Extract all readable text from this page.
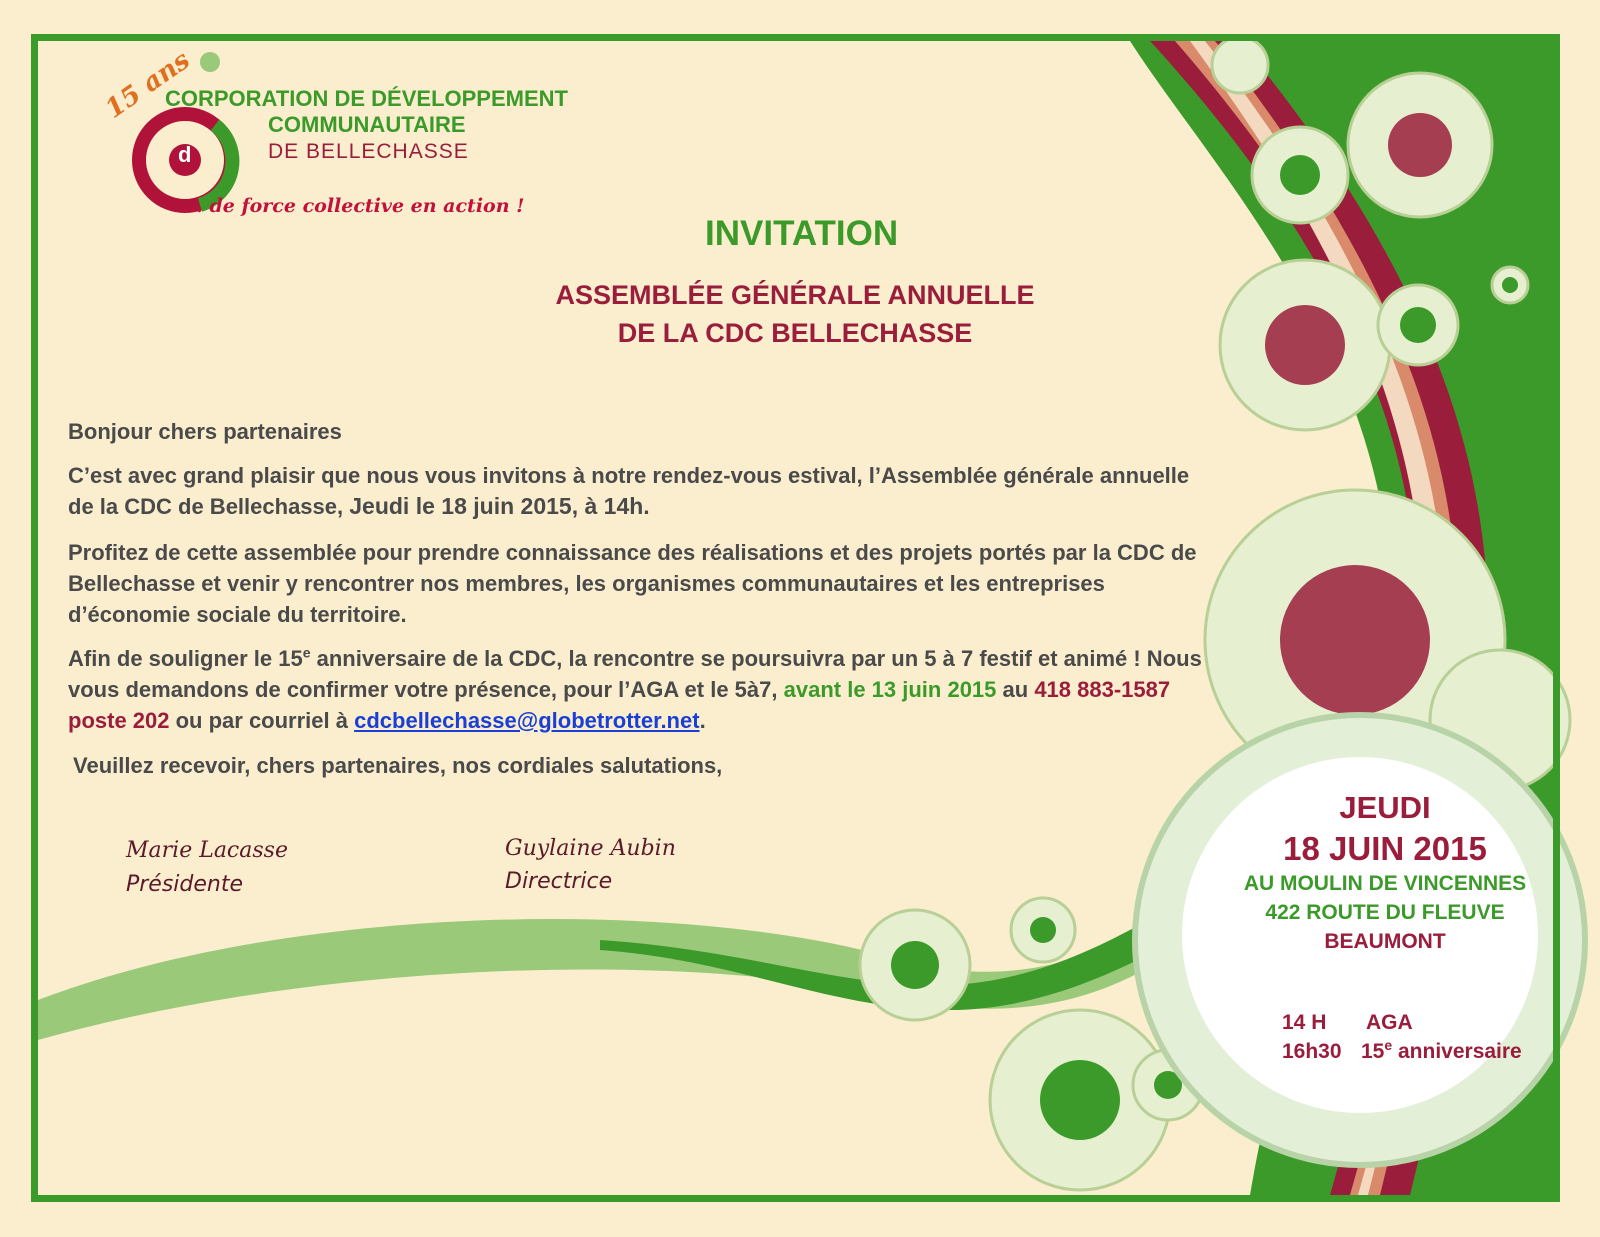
15 ans
CORPORATION DE DÉVELOPPEMENT
COMMUNAUTAIRE
DE BELLECHASSE
d
... de force collective en action !
INVITATION
ASSEMBLÉE GÉNÉRALE ANNUELLE
DE LA CDC BELLECHASSE
Bonjour chers partenaires
C’est avec grand plaisir que nous vous invitons à notre rendez-vous estival, l’Assemblée générale annuelle de la CDC de Bellechasse, Jeudi le 18 juin 2015, à 14h.
Profitez de cette assemblée pour prendre connaissance des réalisations et des projets portés par la CDC de Bellechasse et venir y rencontrer nos membres, les organismes communautaires et les entreprises d’économie sociale du territoire.
Afin de souligner le 15e anniversaire de la CDC, la rencontre se poursuivra par un 5 à 7 festif et animé ! Nous vous demandons de confirmer votre présence, pour l’AGA et le 5à7, avant le 13 juin 2015 au 418 883-1587 poste 202 ou par courriel à cdcbellechasse@globetrotter.net.
Veuillez recevoir, chers partenaires, nos cordiales salutations,
Marie Lacasse
Présidente
Guylaine Aubin
Directrice
JEUDI
18 JUIN 2015
AU MOULIN DE VINCENNES
422 ROUTE DU FLEUVE
BEAUMONT
14 H AGA
16h30 15e anniversaire
